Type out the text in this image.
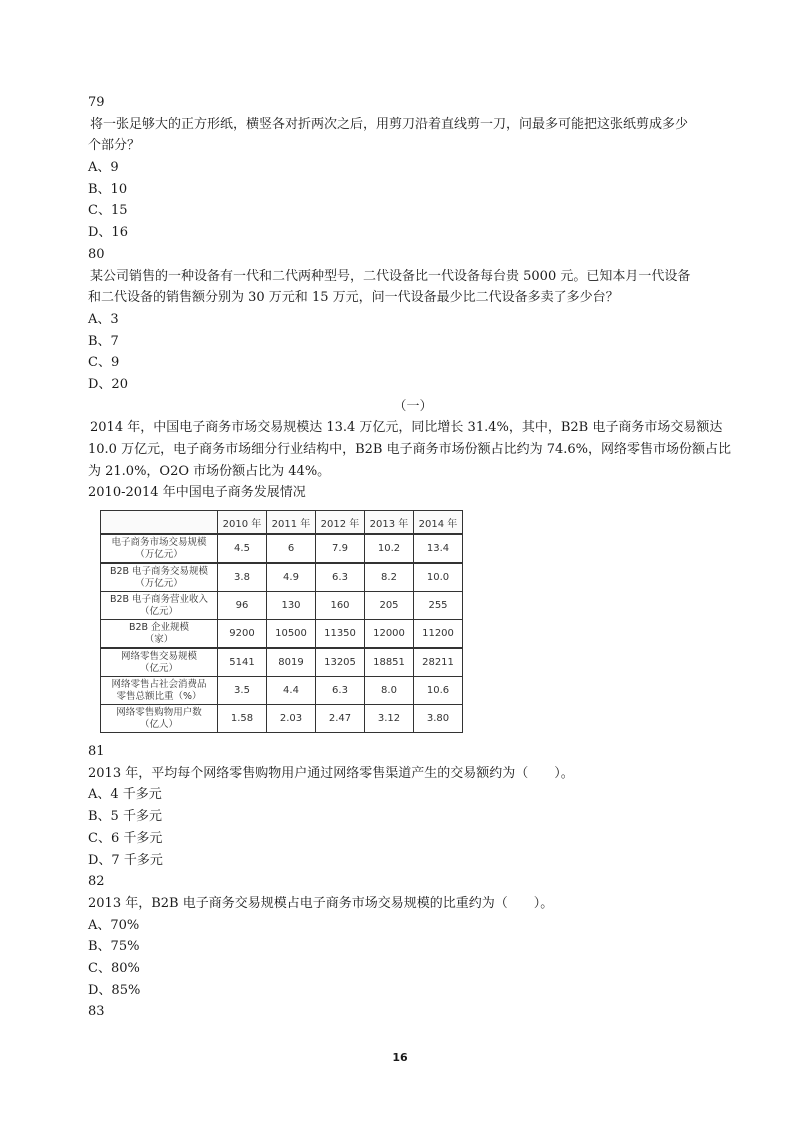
79
将一张足够大的正方形纸，横竖各对折两次之后，用剪刀沿着直线剪一刀，问最多可能把这张纸剪成多少
个部分？
A、9
B、10
C、15
D、16
80
某公司销售的一种设备有一代和二代两种型号，二代设备比一代设备每台贵 5000 元。已知本月一代设备
和二代设备的销售额分别为 30 万元和 15 万元，问一代设备最少比二代设备多卖了多少台？
A、3
B、7
C、9
D、20
（一）
2014 年，中国电子商务市场交易规模达 13.4 万亿元，同比增长 31.4%，其中，B2B 电子商务市场交易额达
10.0 万亿元，电子商务市场细分行业结构中，B2B 电子商务市场份额占比约为 74.6%，网络零售市场份额占比
为 21.0%，O2O 市场份额占比为 44%。
2010-2014 年中国电子商务发展情况
	2010 年	2011 年	2012 年	2013 年	2014 年

电子商务市场交易规模
（万亿元）	4.5	6	7.9	10.2	13.4

B2B 电子商务交易规模
（万亿元）	3.8	4.9	6.3	8.2	10.0

B2B 电子商务营业收入
（亿元）	96	130	160	205	255

B2B 企业规模
（家）	9200	10500	11350	12000	11200

网络零售交易规模
（亿元）	5141	8019	13205	18851	28211

网络零售占社会消费品
零售总额比重（%）	3.5	4.4	6.3	8.0	10.6

网络零售购物用户数
（亿人）	1.58	2.03	2.47	3.12	3.80
81
2013 年，平均每个网络零售购物用户通过网络零售渠道产生的交易额约为（　　）。
A、4 千多元
B、5 千多元
C、6 千多元
D、7 千多元
82
2013 年，B2B 电子商务交易规模占电子商务市场交易规模的比重约为（　　）。
A、70%
B、75%
C、80%
D、85%
83
16
